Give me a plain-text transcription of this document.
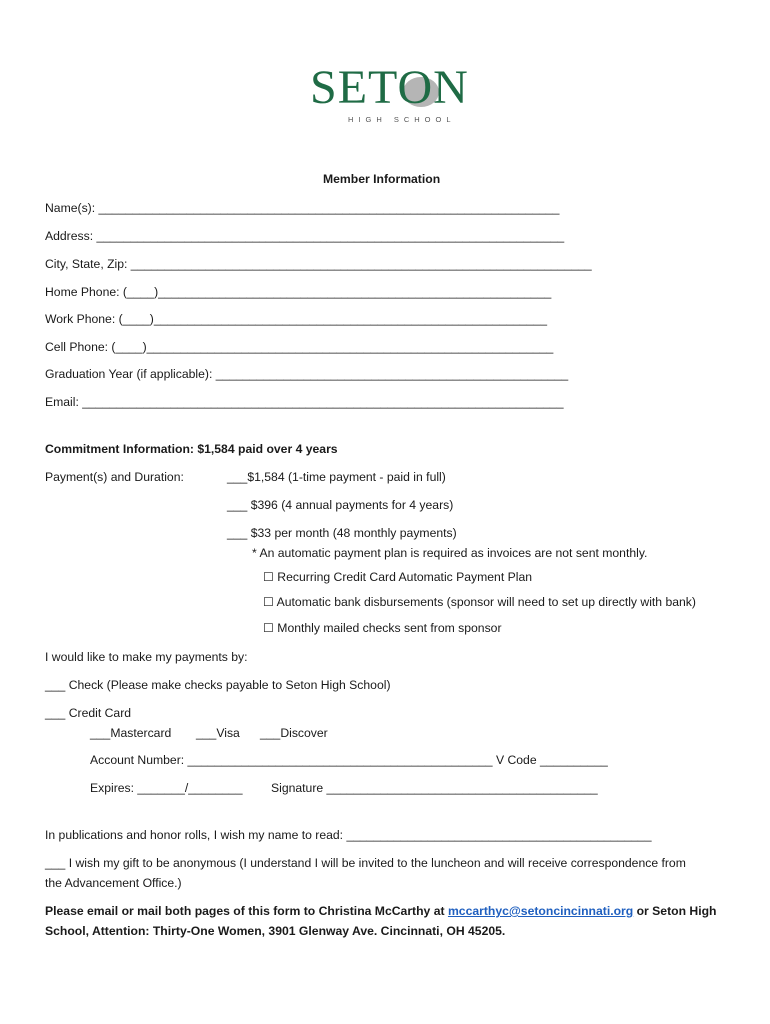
SETON
HIGH SCHOOL
Member Information
Name(s): ____________________________________________________________________
Address: _____________________________________________________________________
City, State, Zip: ____________________________________________________________________
Home Phone: (____)__________________________________________________________
Work Phone: (____)__________________________________________________________
Cell Phone: (____)____________________________________________________________
Graduation Year (if applicable): ____________________________________________________
Email: _______________________________________________________________________
Commitment Information: $1,584 paid over 4 years
Payment(s) and Duration:	___$1,584 (1-time payment - paid in full)
___ $396 (4 annual payments for 4 years)
___ $33 per month (48 monthly payments)
* An automatic payment plan is required as invoices are not sent monthly.
☐ Recurring Credit Card Automatic Payment Plan
☐ Automatic bank disbursements (sponsor will need to set up directly with bank)
☐ Monthly mailed checks sent from sponsor
I would like to make my payments by:
___ Check (Please make checks payable to Seton High School)
___ Credit Card
___Mastercard ___Visa ___Discover
Account Number: _____________________________________________ V Code __________
Expires: _______/________ Signature ________________________________________
In publications and honor rolls, I wish my name to read: _____________________________________________
___ I wish my gift to be anonymous (I understand I will be invited to the luncheon and will receive correspondence from
the Advancement Office.)
Please email or mail both pages of this form to Christina McCarthy at mccarthyc@setoncincinnati.org or Seton High
School, Attention: Thirty-One Women, 3901 Glenway Ave. Cincinnati, OH 45205.
